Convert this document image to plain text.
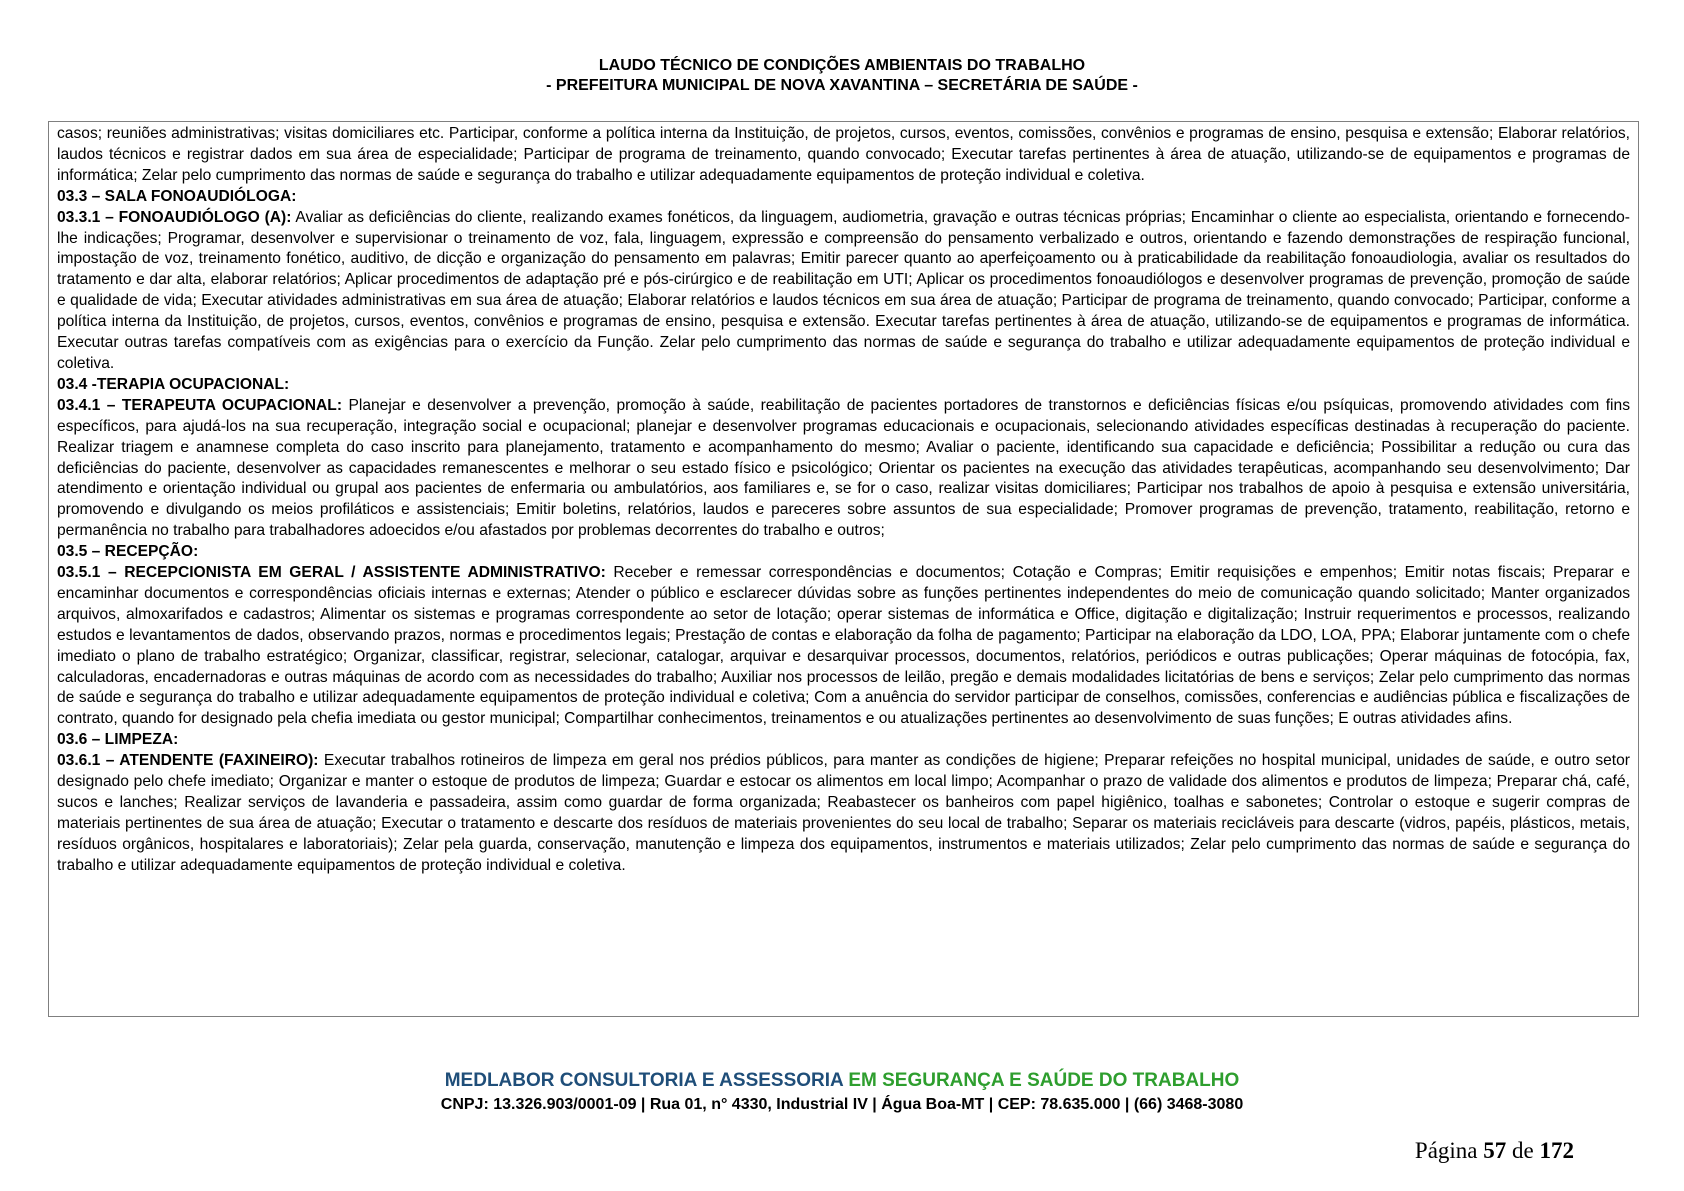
LAUDO TÉCNICO DE CONDIÇÕES AMBIENTAIS DO TRABALHO
- PREFEITURA MUNICIPAL DE NOVA XAVANTINA – SECRETÁRIA DE SAÚDE -

casos; reuniões administrativas; visitas domiciliares etc. Participar, conforme a política interna da Instituição, de projetos, cursos, eventos, comissões, convênios e programas de ensino, pesquisa e extensão; Elaborar relatórios, laudos técnicos e registrar dados em sua área de especialidade; Participar de programa de treinamento, quando convocado; Executar tarefas pertinentes à área de atuação, utilizando-se de equipamentos e programas de informática; Zelar pelo cumprimento das normas de saúde e segurança do trabalho e utilizar adequadamente equipamentos de proteção individual e coletiva.

03.3 – SALA FONOAUDIÓLOGA:

03.3.1 – FONOAUDIÓLOGO (A): Avaliar as deficiências do cliente, realizando exames fonéticos, da linguagem, audiometria, gravação e outras técnicas próprias; Encaminhar o cliente ao especialista, orientando e fornecendo-lhe indicações; Programar, desenvolver e supervisionar o treinamento de voz, fala, linguagem, expressão e compreensão do pensamento verbalizado e outros, orientando e fazendo demonstrações de respiração funcional, impostação de voz, treinamento fonético, auditivo, de dicção e organização do pensamento em palavras; Emitir parecer quanto ao aperfeiçoamento ou à praticabilidade da reabilitação fonoaudiologia, avaliar os resultados do tratamento e dar alta, elaborar relatórios; Aplicar procedimentos de adaptação pré e pós-cirúrgico e de reabilitação em UTI; Aplicar os procedimentos fonoaudiólogos e desenvolver programas de prevenção, promoção de saúde e qualidade de vida; Executar atividades administrativas em sua área de atuação; Elaborar relatórios e laudos técnicos em sua área de atuação; Participar de programa de treinamento, quando convocado; Participar, conforme a política interna da Instituição, de projetos, cursos, eventos, convênios e programas de ensino, pesquisa e extensão. Executar tarefas pertinentes à área de atuação, utilizando-se de equipamentos e programas de informática. Executar outras tarefas compatíveis com as exigências para o exercício da Função. Zelar pelo cumprimento das normas de saúde e segurança do trabalho e utilizar adequadamente equipamentos de proteção individual e coletiva.

03.4 -TERAPIA OCUPACIONAL:

03.4.1 – TERAPEUTA OCUPACIONAL: Planejar e desenvolver a prevenção, promoção à saúde, reabilitação de pacientes portadores de transtornos e deficiências físicas e/ou psíquicas, promovendo atividades com fins específicos, para ajudá-los na sua recuperação, integração social e ocupacional; planejar e desenvolver programas educacionais e ocupacionais, selecionando atividades específicas destinadas à recuperação do paciente. Realizar triagem e anamnese completa do caso inscrito para planejamento, tratamento e acompanhamento do mesmo; Avaliar o paciente, identificando sua capacidade e deficiência; Possibilitar a redução ou cura das deficiências do paciente, desenvolver as capacidades remanescentes e melhorar o seu estado físico e psicológico; Orientar os pacientes na execução das atividades terapêuticas, acompanhando seu desenvolvimento; Dar atendimento e orientação individual ou grupal aos pacientes de enfermaria ou ambulatórios, aos familiares e, se for o caso, realizar visitas domiciliares; Participar nos trabalhos de apoio à pesquisa e extensão universitária, promovendo e divulgando os meios profiláticos e assistenciais; Emitir boletins, relatórios, laudos e pareceres sobre assuntos de sua especialidade; Promover programas de prevenção, tratamento, reabilitação, retorno e permanência no trabalho para trabalhadores adoecidos e/ou afastados por problemas decorrentes do trabalho e outros;

03.5 – RECEPÇÃO:

03.5.1 – RECEPCIONISTA EM GERAL / ASSISTENTE ADMINISTRATIVO: Receber e remessar correspondências e documentos; Cotação e Compras; Emitir requisições e empenhos; Emitir notas fiscais; Preparar e encaminhar documentos e correspondências oficiais internas e externas; Atender o público e esclarecer dúvidas sobre as funções pertinentes independentes do meio de comunicação quando solicitado; Manter organizados arquivos, almoxarifados e cadastros; Alimentar os sistemas e programas correspondente ao setor de lotação; operar sistemas de informática e Office, digitação e digitalização; Instruir requerimentos e processos, realizando estudos e levantamentos de dados, observando prazos, normas e procedimentos legais; Prestação de contas e elaboração da folha de pagamento; Participar na elaboração da LDO, LOA, PPA; Elaborar juntamente com o chefe imediato o plano de trabalho estratégico; Organizar, classificar, registrar, selecionar, catalogar, arquivar e desarquivar processos, documentos, relatórios, periódicos e outras publicações; Operar máquinas de fotocópia, fax, calculadoras, encadernadoras e outras máquinas de acordo com as necessidades do trabalho; Auxiliar nos processos de leilão, pregão e demais modalidades licitatórias de bens e serviços; Zelar pelo cumprimento das normas de saúde e segurança do trabalho e utilizar adequadamente equipamentos de proteção individual e coletiva; Com a anuência do servidor participar de conselhos, comissões, conferencias e audiências pública e fiscalizações de contrato, quando for designado pela chefia imediata ou gestor municipal; Compartilhar conhecimentos, treinamentos e ou atualizações pertinentes ao desenvolvimento de suas funções; E outras atividades afins.

03.6 – LIMPEZA:

03.6.1 – ATENDENTE (FAXINEIRO): Executar trabalhos rotineiros de limpeza em geral nos prédios públicos, para manter as condições de higiene; Preparar refeições no hospital municipal, unidades de saúde, e outro setor designado pelo chefe imediato; Organizar e manter o estoque de produtos de limpeza; Guardar e estocar os alimentos em local limpo; Acompanhar o prazo de validade dos alimentos e produtos de limpeza; Preparar chá, café, sucos e lanches; Realizar serviços de lavanderia e passadeira, assim como guardar de forma organizada; Reabastecer os banheiros com papel higiênico, toalhas e sabonetes; Controlar o estoque e sugerir compras de materiais pertinentes de sua área de atuação; Executar o tratamento e descarte dos resíduos de materiais provenientes do seu local de trabalho; Separar os materiais recicláveis para descarte (vidros, papéis, plásticos, metais, resíduos orgânicos, hospitalares e laboratoriais); Zelar pela guarda, conservação, manutenção e limpeza dos equipamentos, instrumentos e materiais utilizados; Zelar pelo cumprimento das normas de saúde e segurança do trabalho e utilizar adequadamente equipamentos de proteção individual e coletiva.

MEDLABOR CONSULTORIA E ASSESSORIA EM SEGURANÇA E SAÚDE DO TRABALHO
CNPJ: 13.326.903/0001-09 | Rua 01, n° 4330, Industrial IV | Água Boa-MT | CEP: 78.635.000 | (66) 3468-3080
Página 57 de 172
